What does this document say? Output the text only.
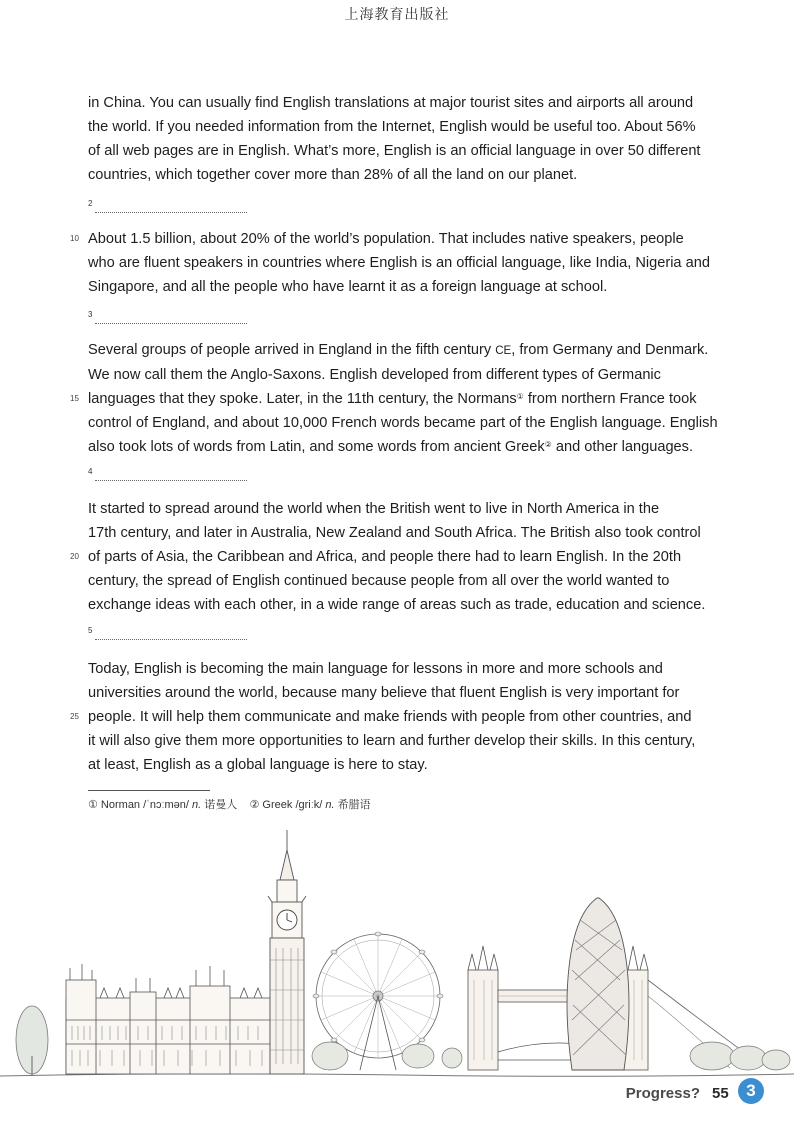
上海教育出版社
in China. You can usually find English translations at major tourist sites and airports all around
the world. If you needed information from the Internet, English would be useful too. About 56%
of all web pages are in English. What’s more, English is an official language in over 50 different
countries, which together cover more than 28% of all the land on our planet.
2
10 About 1.5 billion, about 20% of the world’s population. That includes native speakers, people
who are fluent speakers in countries where English is an official language, like India, Nigeria and
Singapore, and all the people who have learnt it as a foreign language at school.
3
15
Several groups of people arrived in England in the fifth century CE, from Germany and Denmark.
We now call them the Anglo-Saxons. English developed from different types of Germanic
languages that they spoke. Later, in the 11th century, the Normans① from northern France took
control of England, and about 10,000 French words became part of the English language. English
also took lots of words from Latin, and some words from ancient Greek② and other languages.
4
20
It started to spread around the world when the British went to live in North America in the
17th century, and later in Australia, New Zealand and South Africa. The British also took control
of parts of Asia, the Caribbean and Africa, and people there had to learn English. In the 20th
century, the spread of English continued because people from all over the world wanted to
exchange ideas with each other, in a wide range of areas such as trade, education and science.
5
25
Today, English is becoming the main language for lessons in more and more schools and
universities around the world, because many believe that fluent English is very important for
people. It will help them communicate and make friends with people from other countries, and
it will also give them more opportunities to learn and further develop their skills. In this century,
at least, English as a global language is here to stay.
① Norman /ˈnɔːmən/ n. 诺曼人 ② Greek /ɡriːk/ n. 希腊语
Progress? 55	3
